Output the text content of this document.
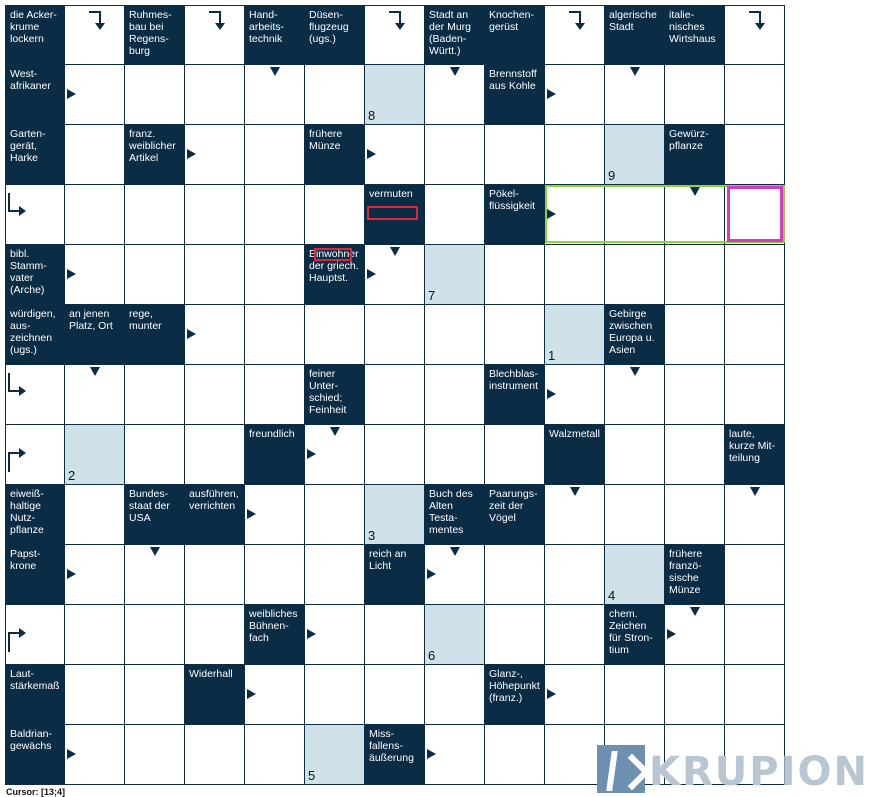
die Ackerkrume lockern
Ruhmesbau bei Regensburg
Handarbeitstechnik
Düsenflugzeug (ugs.)
Stadt an der Murg (Baden-Württ.)
Knochengerüst
algerische Stadt
italienisches Wirtshaus
Westafrikaner
8
Brennstoff aus Kohle
Gartengerät, Harke
franz. weiblicher Artikel
frühere Münze
9
Gewürzpflanze
vermuten	Pökelflüssigkeit
bibl. Stammvater (Arche)
Einwohner der griech. Hauptst.
7
würdigen, auszeichnen (ugs.)
an jenen Platz, Ort
rege, munter
1
Gebirge zwischen Europa u. Asien
feiner Unterschied; Feinheit
Blechblasinstrument
2
freundlich	Walzmetall	laute, kurze Mitteilung
eiweißhaltige Nutzpflanze
Bundesstaat der USA
ausführen, verrichten
3
Buch des Alten Testamentes
Paarungszeit der Vögel
Papstkrone
reich an Licht
4
frühere französische Münze
weibliches Bühnenfach
6
chem. Zeichen für Strontium
Lautstärkemaß
Widerhall	Glanz-, Höhepunkt (franz.)
Baldriangewächs
5
Missfallensäußerung	KRUPION
Cursor: [13;4]
